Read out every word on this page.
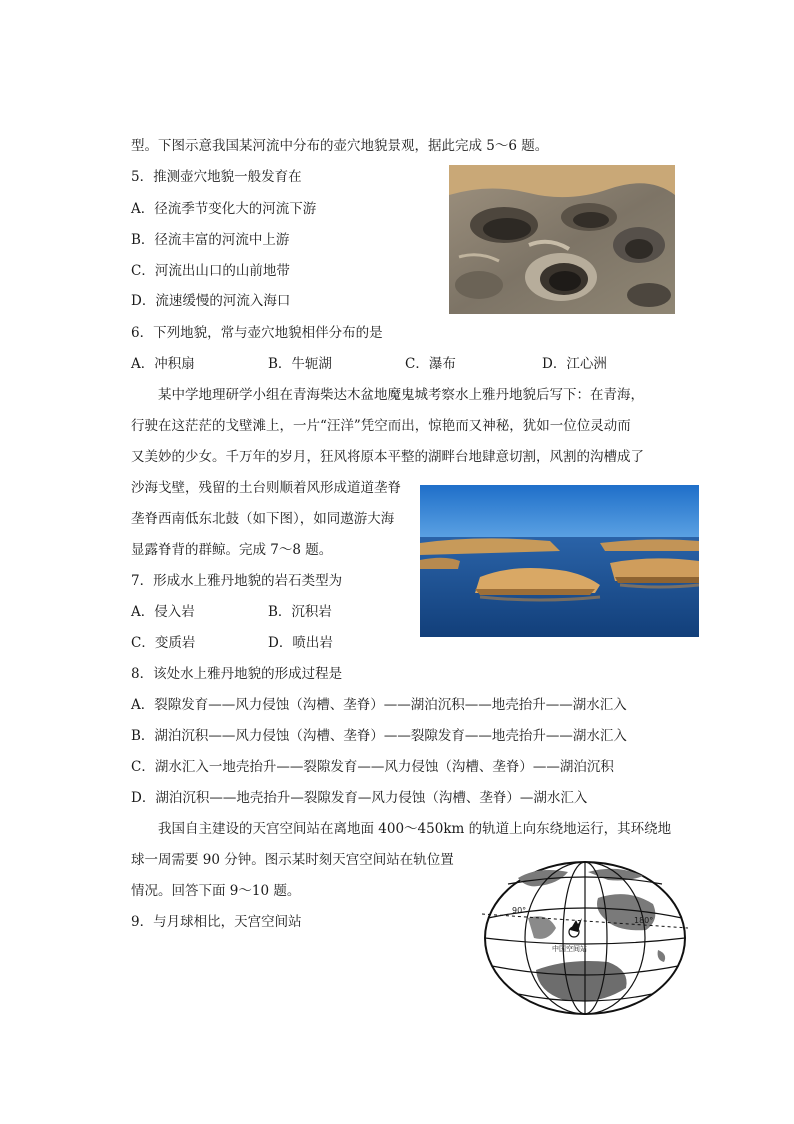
型。下图示意我国某河流中分布的壶穴地貌景观，据此完成 5～6 题。
5．推测壶穴地貌一般发育在
A．径流季节变化大的河流下游
B．径流丰富的河流中上游
C．河流出山口的山前地带
D．流速缓慢的河流入海口
6．下列地貌，常与壶穴地貌相伴分布的是
A．冲积扇	B．牛轭湖	C．瀑布	D．江心洲
某中学地理研学小组在青海柴达木盆地魔鬼城考察水上雅丹地貌后写下：在青海，
行驶在这茫茫的戈壁滩上，一片“汪洋”凭空而出，惊艳而又神秘，犹如一位位灵动而
又美妙的少女。千万年的岁月，狂风将原本平整的湖畔台地肆意切割，风割的沟槽成了
沙海戈壁，残留的土台则顺着风形成道道垄脊
垄脊西南低东北鼓（如下图），如同遨游大海
显露脊背的群鲸。完成 7～8 题。
7．形成水上雅丹地貌的岩石类型为
A．侵入岩	B．沉积岩
C．变质岩	D．喷出岩
8．该处水上雅丹地貌的形成过程是
A．裂隙发育——风力侵蚀（沟槽、垄脊）——湖泊沉积——地壳抬升——湖水汇入
B．湖泊沉积——风力侵蚀（沟槽、垄脊）——裂隙发育——地壳抬升——湖水汇入
C．湖水汇入一地壳抬升——裂隙发育——风力侵蚀（沟槽、垄脊）——湖泊沉积
D．湖泊沉积——地壳抬升—裂隙发育—风力侵蚀（沟槽、垄脊）—湖水汇入
我国自主建设的天宫空间站在离地面 400～450km 的轨道上向东绕地运行，其环绕地
球一周需要 90 分钟。图示某时刻天宫空间站在轨位置
情况。回答下面 9～10 题。
9．与月球相比，天宫空间站
90°
180°
中国空间站
